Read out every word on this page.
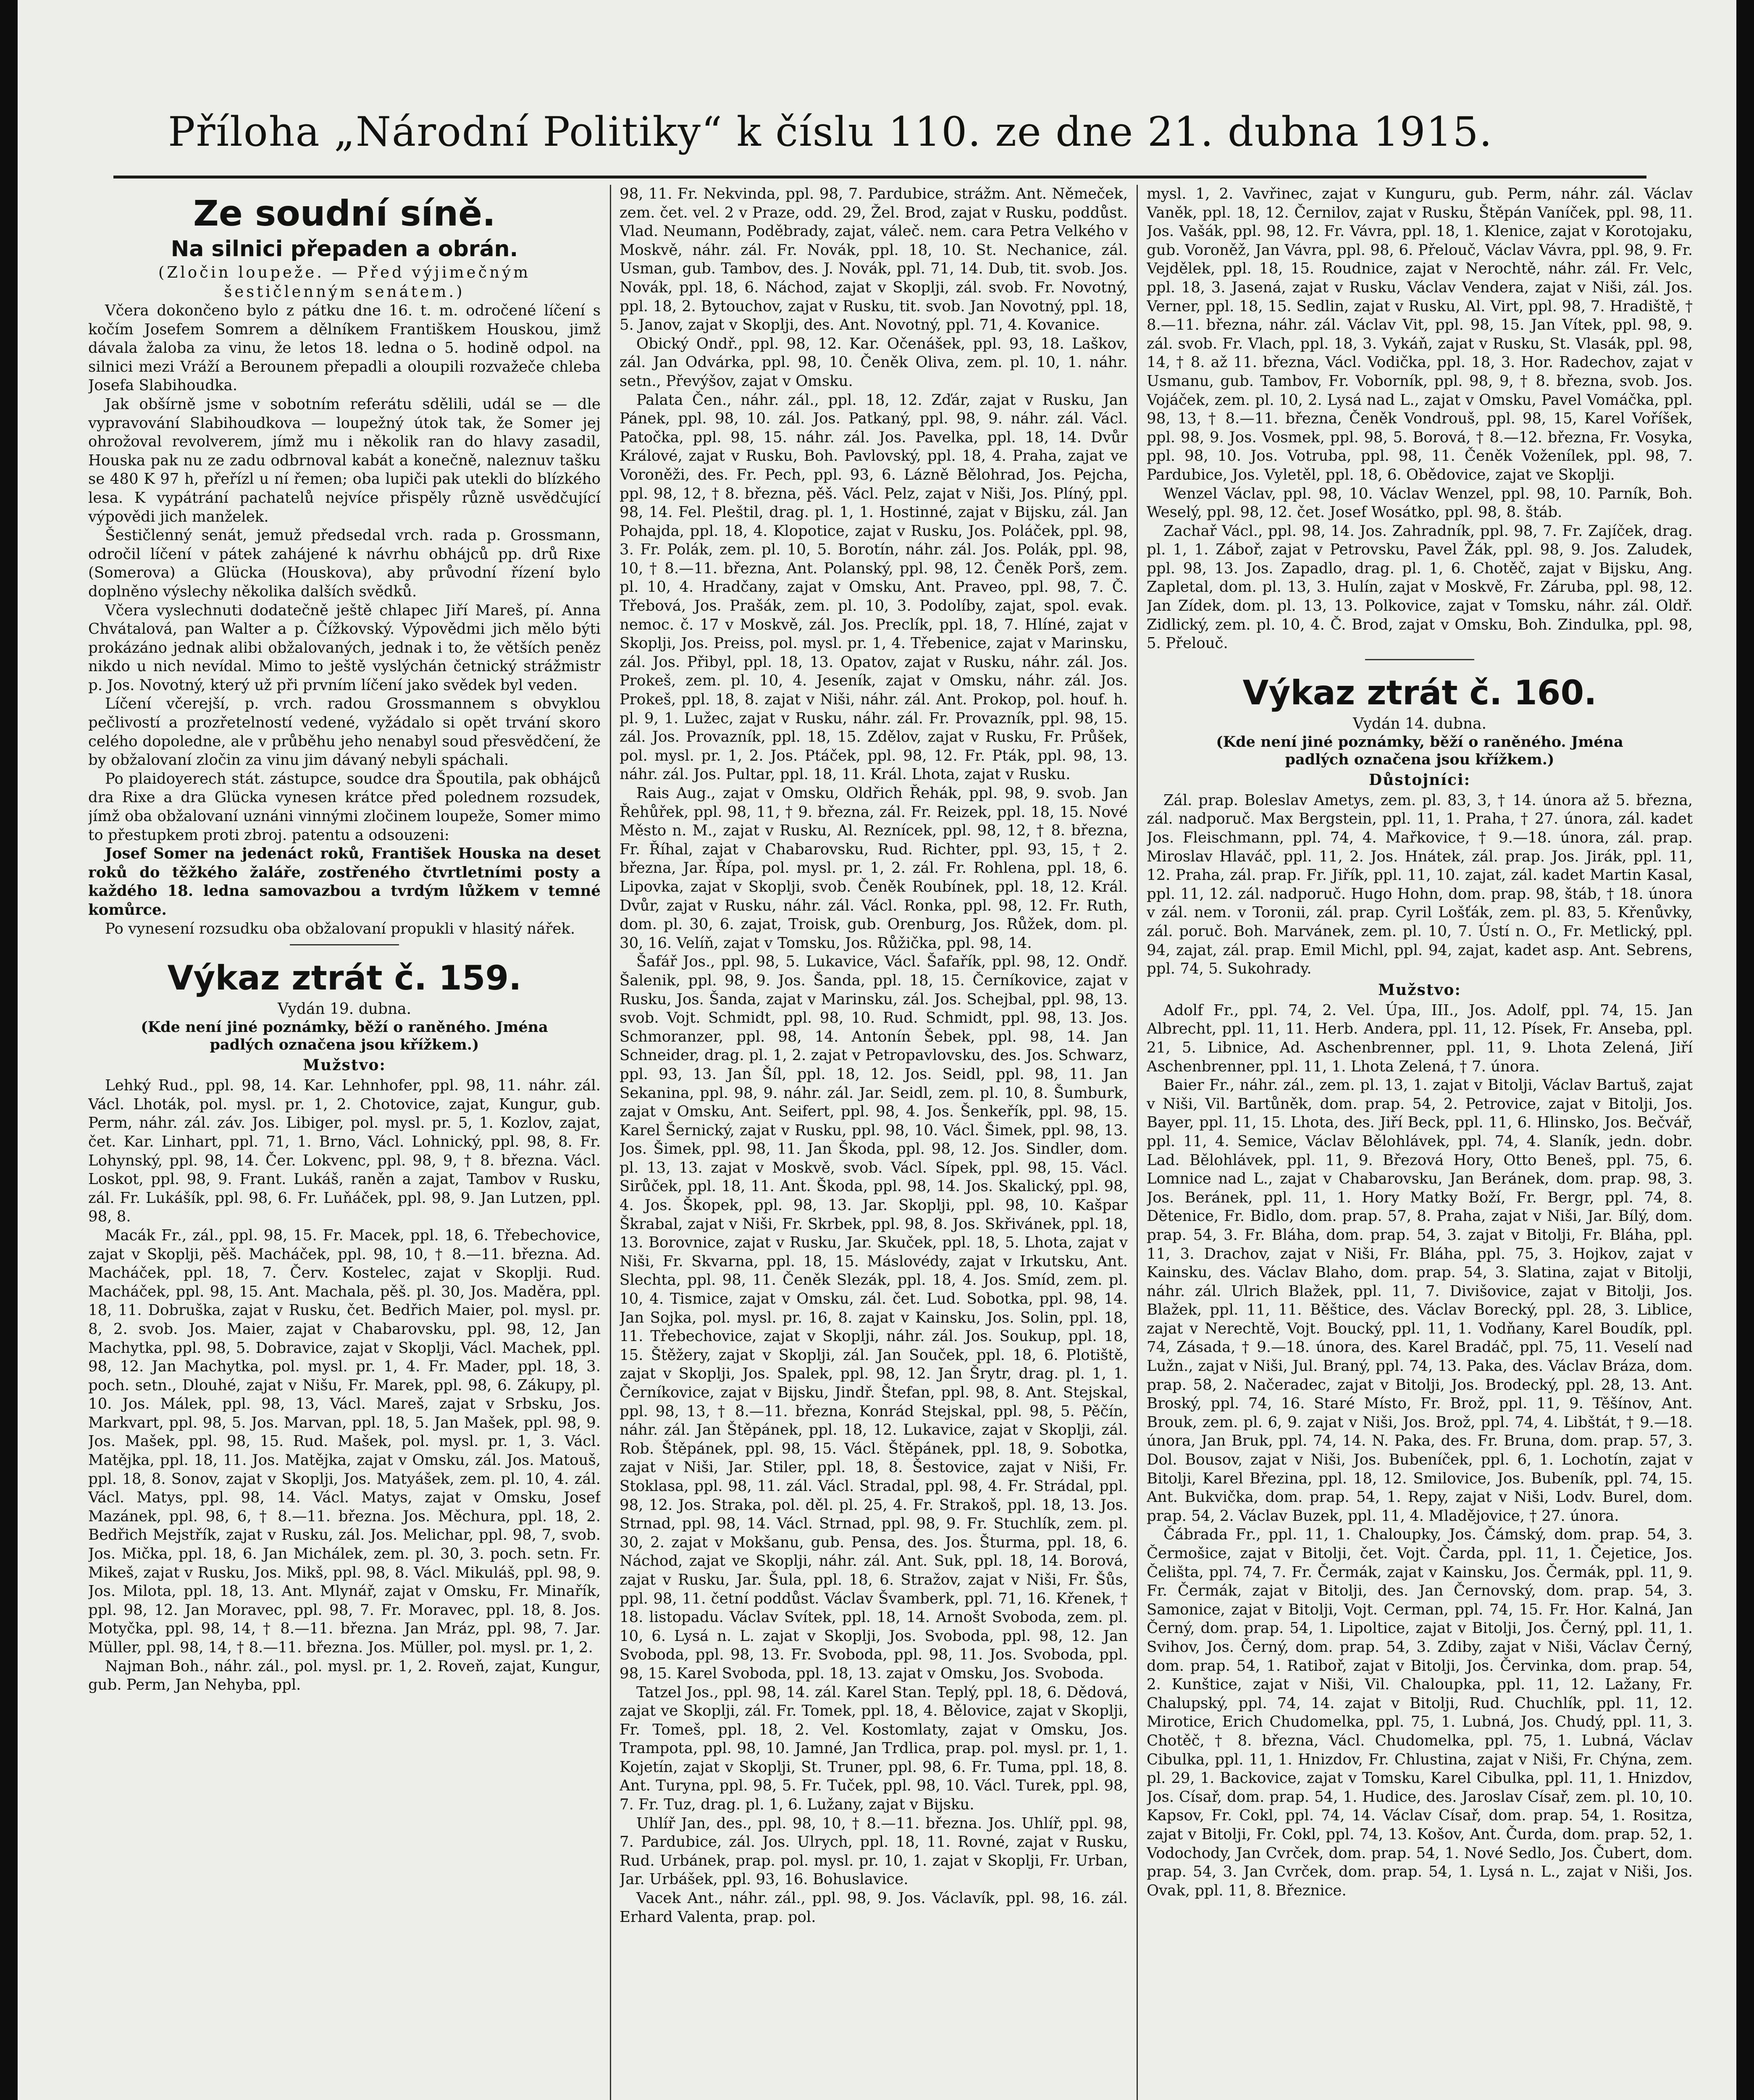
Příloha „Národní Politiky“ k číslu 110. ze dne 21. dubna 1915.
Ze soudní síně.
Na silnici přepaden a obrán.
(Zločin loupeže. — Před výjimečným
šestičlenným senátem.)

Včera dokončeno bylo z pátku dne 16. t. m. odročené líčení s kočím Josefem Somrem a dělníkem Františkem Houskou, jimž dávala žaloba za vinu, že letos 18. ledna o 5. hodině odpol. na silnici mezi Vráží a Berounem přepadli a oloupili rozvažeče chleba Josefa Slabihoudka.

Jak obšírně jsme v sobotním referátu sdělili, udál se — dle vypravování Slabihoudkova — loupežný útok tak, že Somer jej ohrožoval revolverem, jímž mu i několik ran do hlavy zasadil, Houska pak nu ze zadu odbrnoval kabát a konečně, naleznuv tašku se 480 K 97 h, přeřízl u ní řemen; oba lupiči pak utekli do blízkého lesa. K vypátrání pachatelů nejvíce přispěly různě usvědčující výpovědi jich manželek.

Šestičlenný senát, jemuž předsedal vrch. rada p. Grossmann, odročil líčení v pátek zahájené k návrhu obhájců pp. drů Rixe (Somerova) a Glücka (Houskova), aby průvodní řízení bylo doplněno výslechy několika dalších svědků.

Včera vyslechnuti dodatečně ještě chlapec Jiří Mareš, pí. Anna Chvátalová, pan Walter a p. Čížkovský. Výpovědmi jich mělo býti prokázáno jednak alibi obžalovaných, jednak i to, že větších peněz nikdo u nich nevídal. Mimo to ještě vyslýchán četnický strážmistr p. Jos. Novotný, který už při prvním líčení jako svědek byl veden.

Líčení včerejší, p. vrch. radou Grossmannem s obvyklou pečlivostí a prozřetelností vedené, vyžádalo si opět trvání skoro celého dopoledne, ale v průběhu jeho nenabyl soud přesvědčení, že by obžalovaní zločin za vinu jim dávaný nebyli spáchali.

Po plaidoyerech stát. zástupce, soudce dra Špoutila, pak obhájců dra Rixe a dra Glücka vynesen krátce před polednem rozsudek, jímž oba obžalovaní uznáni vinnými zločinem loupeže, Somer mimo to přestupkem proti zbroj. patentu a odsouzeni:

Josef Somer na jedenáct roků, František Houska na deset roků do těžkého žaláře, zostřeného čtvrtletními posty a každého 18. ledna samovazbou a tvrdým lůžkem v temné komůrce.

Po vynesení rozsudku oba obžalovaní propukli v hlasitý nářek.

Výkaz ztrát č. 159.
Vydán 19. dubna.
(Kde není jiné poznámky, běží o raněného. Jména
padlých označena jsou křížkem.)
Mužstvo:

Lehký Rud., ppl. 98, 14. Kar. Lehnhofer, ppl. 98, 11. náhr. zál. Václ. Lhoták, pol. mysl. pr. 1, 2. Chotovice, zajat, Kungur, gub. Perm, náhr. zál. záv. Jos. Libiger, pol. mysl. pr. 5, 1. Kozlov, zajat, čet. Kar. Linhart, ppl. 71, 1. Brno, Václ. Lohnický, ppl. 98, 8. Fr. Lohynský, ppl. 98, 14. Čer. Lokvenc, ppl. 98, 9, † 8. března. Václ. Loskot, ppl. 98, 9. Frant. Lukáš, raněn a zajat, Tambov v Rusku, zál. Fr. Lukášík, ppl. 98, 6. Fr. Luňáček, ppl. 98, 9. Jan Lutzen, ppl. 98, 8.

Macák Fr., zál., ppl. 98, 15. Fr. Macek, ppl. 18, 6. Třebechovice, zajat v Skoplji, pěš. Macháček, ppl. 98, 10, † 8.—11. března. Ad. Macháček, ppl. 18, 7. Červ. Kostelec, zajat v Skoplji. Rud. Macháček, ppl. 98, 15. Ant. Machala, pěš. pl. 30, Jos. Maděra, ppl. 18, 11. Dobruška, zajat v Rusku, čet. Bedřich Maier, pol. mysl. pr. 8, 2. svob. Jos. Maier, zajat v Chabarovsku, ppl. 98, 12, Jan Machytka, ppl. 98, 5. Dobravice, zajat v Skoplji, Václ. Machek, ppl. 98, 12. Jan Machytka, pol. mysl. pr. 1, 4. Fr. Mader, ppl. 18, 3. poch. setn., Dlouhé, zajat v Nišu, Fr. Marek, ppl. 98, 6. Zákupy, pl. 10. Jos. Málek, ppl. 98, 13, Václ. Mareš, zajat v Srbsku, Jos. Markvart, ppl. 98, 5. Jos. Marvan, ppl. 18, 5. Jan Mašek, ppl. 98, 9. Jos. Mašek, ppl. 98, 15. Rud. Mašek, pol. mysl. pr. 1, 3. Václ. Matějka, ppl. 18, 11. Jos. Matějka, zajat v Omsku, zál. Jos. Matouš, ppl. 18, 8. Sonov, zajat v Skoplji, Jos. Matyášek, zem. pl. 10, 4. zál. Václ. Matys, ppl. 98, 14. Václ. Matys, zajat v Omsku, Josef Mazánek, ppl. 98, 6, † 8.—11. března. Jos. Měchura, ppl. 18, 2. Bedřich Mejstřík, zajat v Rusku, zál. Jos. Melichar, ppl. 98, 7, svob. Jos. Mička, ppl. 18, 6. Jan Michálek, zem. pl. 30, 3. poch. setn. Fr. Mikeš, zajat v Rusku, Jos. Mikš, ppl. 98, 8. Václ. Mikuláš, ppl. 98, 9. Jos. Milota, ppl. 18, 13. Ant. Mlynář, zajat v Omsku, Fr. Minařík, ppl. 98, 12. Jan Moravec, ppl. 98, 7. Fr. Moravec, ppl. 18, 8. Jos. Motyčka, ppl. 98, 14, † 8.—11. března. Jan Mráz, ppl. 98, 7. Jar. Müller, ppl. 98, 14, † 8.—11. března. Jos. Müller, pol. mysl. pr. 1, 2.

Najman Boh., náhr. zál., pol. mysl. pr. 1, 2. Roveň, zajat, Kungur, gub. Perm, Jan Nehyba, ppl.

98, 11. Fr. Nekvinda, ppl. 98, 7. Pardubice, strážm. Ant. Němeček, zem. čet. vel. 2 v Praze, odd. 29, Žel. Brod, zajat v Rusku, poddůst. Vlad. Neumann, Poděbrady, zajat, váleč. nem. cara Petra Velkého v Moskvě, náhr. zál. Fr. Novák, ppl. 18, 10. St. Nechanice, zál. Usman, gub. Tambov, des. J. Novák, ppl. 71, 14. Dub, tit. svob. Jos. Novák, ppl. 18, 6. Náchod, zajat v Skoplji, zál. svob. Fr. Novotný, ppl. 18, 2. Bytouchov, zajat v Rusku, tit. svob. Jan Novotný, ppl. 18, 5. Janov, zajat v Skoplji, des. Ant. Novotný, ppl. 71, 4. Kovanice.

Obický Ondř., ppl. 98, 12. Kar. Očenášek, ppl. 93, 18. Laškov, zál. Jan Odvárka, ppl. 98, 10. Čeněk Oliva, zem. pl. 10, 1. náhr. setn., Převýšov, zajat v Omsku.

Palata Čen., náhr. zál., ppl. 18, 12. Zďár, zajat v Rusku, Jan Pánek, ppl. 98, 10. zál. Jos. Patkaný, ppl. 98, 9. náhr. zál. Václ. Patočka, ppl. 98, 15. náhr. zál. Jos. Pavelka, ppl. 18, 14. Dvůr Králové, zajat v Rusku, Boh. Pavlovský, ppl. 18, 4. Praha, zajat ve Voroněži, des. Fr. Pech, ppl. 93, 6. Lázně Bělohrad, Jos. Pejcha, ppl. 98, 12, † 8. března, pěš. Václ. Pelz, zajat v Niši, Jos. Plíný, ppl. 98, 14. Fel. Pleštil, drag. pl. 1, 1. Hostinné, zajat v Bijsku, zál. Jan Pohajda, ppl. 18, 4. Klopotice, zajat v Rusku, Jos. Poláček, ppl. 98, 3. Fr. Polák, zem. pl. 10, 5. Borotín, náhr. zál. Jos. Polák, ppl. 98, 10, † 8.—11. března, Ant. Polanský, ppl. 98, 12. Čeněk Porš, zem. pl. 10, 4. Hradčany, zajat v Omsku, Ant. Praveo, ppl. 98, 7. Č. Třebová, Jos. Prašák, zem. pl. 10, 3. Podolíby, zajat, spol. evak. nemoc. č. 17 v Moskvě, zál. Jos. Preclík, ppl. 18, 7. Hlíné, zajat v Skoplji, Jos. Preiss, pol. mysl. pr. 1, 4. Třebenice, zajat v Marinsku, zál. Jos. Přibyl, ppl. 18, 13. Opatov, zajat v Rusku, náhr. zál. Jos. Prokeš, zem. pl. 10, 4. Jeseník, zajat v Omsku, náhr. zál. Jos. Prokeš, ppl. 18, 8. zajat v Niši, náhr. zál. Ant. Prokop, pol. houf. h. pl. 9, 1. Lužec, zajat v Rusku, náhr. zál. Fr. Provazník, ppl. 98, 15. zál. Jos. Provazník, ppl. 18, 15. Zdělov, zajat v Rusku, Fr. Průšek, pol. mysl. pr. 1, 2. Jos. Ptáček, ppl. 98, 12. Fr. Pták, ppl. 98, 13. náhr. zál. Jos. Pultar, ppl. 18, 11. Král. Lhota, zajat v Rusku.

Rais Aug., zajat v Omsku, Oldřich Řehák, ppl. 98, 9. svob. Jan Řehůřek, ppl. 98, 11, † 9. března, zál. Fr. Reizek, ppl. 18, 15. Nové Město n. M., zajat v Rusku, Al. Reznícek, ppl. 98, 12, † 8. března, Fr. Říhal, zajat v Chabarovsku, Rud. Richter, ppl. 93, 15, † 2. března, Jar. Řípa, pol. mysl. pr. 1, 2. zál. Fr. Rohlena, ppl. 18, 6. Lipovka, zajat v Skoplji, svob. Čeněk Roubínek, ppl. 18, 12. Král. Dvůr, zajat v Rusku, náhr. zál. Václ. Ronka, ppl. 98, 12. Fr. Ruth, dom. pl. 30, 6. zajat, Troisk, gub. Orenburg, Jos. Růžek, dom. pl. 30, 16. Velíň, zajat v Tomsku, Jos. Růžička, ppl. 98, 14.

Šafář Jos., ppl. 98, 5. Lukavice, Václ. Šafařík, ppl. 98, 12. Ondř. Šalenik, ppl. 98, 9. Jos. Šanda, ppl. 18, 15. Černíkovice, zajat v Rusku, Jos. Šanda, zajat v Marinsku, zál. Jos. Schejbal, ppl. 98, 13. svob. Vojt. Schmidt, ppl. 98, 10. Rud. Schmidt, ppl. 98, 13. Jos. Schmoranzer, ppl. 98, 14. Antonín Šebek, ppl. 98, 14. Jan Schneider, drag. pl. 1, 2. zajat v Petropavlovsku, des. Jos. Schwarz, ppl. 93, 13. Jan Šíl, ppl. 18, 12. Jos. Seidl, ppl. 98, 11. Jan Sekanina, ppl. 98, 9. náhr. zál. Jar. Seidl, zem. pl. 10, 8. Šumburk, zajat v Omsku, Ant. Seifert, ppl. 98, 4. Jos. Šenkeřík, ppl. 98, 15. Karel Šernický, zajat v Rusku, ppl. 98, 10. Václ. Šimek, ppl. 98, 13. Jos. Šimek, ppl. 98, 11. Jan Škoda, ppl. 98, 12. Jos. Sindler, dom. pl. 13, 13. zajat v Moskvě, svob. Václ. Sípek, ppl. 98, 15. Václ. Sirůček, ppl. 18, 11. Ant. Škoda, ppl. 98, 14. Jos. Skalický, ppl. 98, 4. Jos. Škopek, ppl. 98, 13. Jar. Skoplji, ppl. 98, 10. Kašpar Škrabal, zajat v Niši, Fr. Skrbek, ppl. 98, 8. Jos. Skřivánek, ppl. 18, 13. Borovnice, zajat v Rusku, Jar. Skuček, ppl. 18, 5. Lhota, zajat v Niši, Fr. Skvarna, ppl. 18, 15. Máslovédy, zajat v Irkutsku, Ant. Slechta, ppl. 98, 11. Čeněk Slezák, ppl. 18, 4. Jos. Smíd, zem. pl. 10, 4. Tismice, zajat v Omsku, zál. čet. Lud. Sobotka, ppl. 98, 14. Jan Sojka, pol. mysl. pr. 16, 8. zajat v Kainsku, Jos. Solin, ppl. 18, 11. Třebechovice, zajat v Skoplji, náhr. zál. Jos. Soukup, ppl. 18, 15. Štěžery, zajat v Skoplji, zál. Jan Souček, ppl. 18, 6. Plotiště, zajat v Skoplji, Jos. Spalek, ppl. 98, 12. Jan Šrytr, drag. pl. 1, 1. Černíkovice, zajat v Bijsku, Jindř. Štefan, ppl. 98, 8. Ant. Stejskal, ppl. 98, 13, † 8.—11. března, Konrád Stejskal, ppl. 98, 5. Pěčín, náhr. zál. Jan Štěpánek, ppl. 18, 12. Lukavice, zajat v Skoplji, zál. Rob. Štěpánek, ppl. 98, 15. Václ. Štěpánek, ppl. 18, 9. Sobotka, zajat v Niši, Jar. Stiler, ppl. 18, 8. Šestovice, zajat v Niši, Fr. Stoklasa, ppl. 98, 11. zál. Václ. Stradal, ppl. 98, 4. Fr. Strádal, ppl. 98, 12. Jos. Straka, pol. děl. pl. 25, 4. Fr. Strakoš, ppl. 18, 13. Jos. Strnad, ppl. 98, 14. Václ. Strnad, ppl. 98, 9. Fr. Stuchlík, zem. pl. 30, 2. zajat v Mokšanu, gub. Pensa, des. Jos. Šturma, ppl. 18, 6. Náchod, zajat ve Skoplji, náhr. zál. Ant. Suk, ppl. 18, 14. Borová, zajat v Rusku, Jar. Šula, ppl. 18, 6. Stražov, zajat v Niši, Fr. Šůs, ppl. 98, 11. četní poddůst. Václav Švamberk, ppl. 71, 16. Křenek, † 18. listopadu. Václav Svítek, ppl. 18, 14. Arnošt Svoboda, zem. pl. 10, 6. Lysá n. L. zajat v Skoplji, Jos. Svoboda, ppl. 98, 12. Jan Svoboda, ppl. 98, 13. Fr. Svoboda, ppl. 98, 11. Jos. Svoboda, ppl. 98, 15. Karel Svoboda, ppl. 18, 13. zajat v Omsku, Jos. Svoboda.

Tatzel Jos., ppl. 98, 14. zál. Karel Stan. Teplý, ppl. 18, 6. Dědová, zajat ve Skoplji, zál. Fr. Tomek, ppl. 18, 4. Bělovice, zajat v Skoplji, Fr. Tomeš, ppl. 18, 2. Vel. Kostomlaty, zajat v Omsku, Jos. Trampota, ppl. 98, 10. Jamné, Jan Trdlica, prap. pol. mysl. pr. 1, 1. Kojetín, zajat v Skoplji, St. Truner, ppl. 98, 6. Fr. Tuma, ppl. 18, 8. Ant. Turyna, ppl. 98, 5. Fr. Tuček, ppl. 98, 10. Václ. Turek, ppl. 98, 7. Fr. Tuz, drag. pl. 1, 6. Lužany, zajat v Bijsku.

Uhlíř Jan, des., ppl. 98, 10, † 8.—11. března. Jos. Uhlíř, ppl. 98, 7. Pardubice, zál. Jos. Ulrych, ppl. 18, 11. Rovné, zajat v Rusku, Rud. Urbánek, prap. pol. mysl. pr. 10, 1. zajat v Skoplji, Fr. Urban, Jar. Urbášek, ppl. 93, 16. Bohuslavice.

Vacek Ant., náhr. zál., ppl. 98, 9. Jos. Václavík, ppl. 98, 16. zál. Erhard Valenta, prap. pol.

mysl. 1, 2. Vavřinec, zajat v Kunguru, gub. Perm, náhr. zál. Václav Vaněk, ppl. 18, 12. Černilov, zajat v Rusku, Štěpán Vaníček, ppl. 98, 11. Jos. Vašák, ppl. 98, 12. Fr. Vávra, ppl. 18, 1. Klenice, zajat v Korotojaku, gub. Voroněž, Jan Vávra, ppl. 98, 6. Přelouč, Václav Vávra, ppl. 98, 9. Fr. Vejdělek, ppl. 18, 15. Roudnice, zajat v Nerochtě, náhr. zál. Fr. Velc, ppl. 18, 3. Jasená, zajat v Rusku, Václav Vendera, zajat v Niši, zál. Jos. Verner, ppl. 18, 15. Sedlin, zajat v Rusku, Al. Virt, ppl. 98, 7. Hradiště, † 8.—11. března, náhr. zál. Václav Vit, ppl. 98, 15. Jan Vítek, ppl. 98, 9. zál. svob. Fr. Vlach, ppl. 18, 3. Vykáň, zajat v Rusku, St. Vlasák, ppl. 98, 14, † 8. až 11. března, Václ. Vodička, ppl. 18, 3. Hor. Radechov, zajat v Usmanu, gub. Tambov, Fr. Voborník, ppl. 98, 9, † 8. března, svob. Jos. Vojáček, zem. pl. 10, 2. Lysá nad L., zajat v Omsku, Pavel Vomáčka, ppl. 98, 13, † 8.—11. března, Čeněk Vondrouš, ppl. 98, 15, Karel Voříšek, ppl. 98, 9. Jos. Vosmek, ppl. 98, 5. Borová, † 8.—12. března, Fr. Vosyka, ppl. 98, 10. Jos. Votruba, ppl. 98, 11. Čeněk Voženílek, ppl. 98, 7. Pardubice, Jos. Vyletěl, ppl. 18, 6. Obědovice, zajat ve Skoplji.

Wenzel Václav, ppl. 98, 10. Václav Wenzel, ppl. 98, 10. Parník, Boh. Weselý, ppl. 98, 12. čet. Josef Wosátko, ppl. 98, 8. štáb.

Zachař Václ., ppl. 98, 14. Jos. Zahradník, ppl. 98, 7. Fr. Zajíček, drag. pl. 1, 1. Záboř, zajat v Petrovsku, Pavel Žák, ppl. 98, 9. Jos. Zaludek, ppl. 98, 13. Jos. Zapadlo, drag. pl. 1, 6. Chotěč, zajat v Bijsku, Ang. Zapletal, dom. pl. 13, 3. Hulín, zajat v Moskvě, Fr. Zárubа, ppl. 98, 12. Jan Zídek, dom. pl. 13, 13. Polkovice, zajat v Tomsku, náhr. zál. Oldř. Zidlický, zem. pl. 10, 4. Č. Brod, zajat v Omsku, Boh. Zindulka, ppl. 98, 5. Přelouč.

Výkaz ztrát č. 160.
Vydán 14. dubna.
(Kde není jiné poznámky, běží o raněného. Jména
padlých označena jsou křížkem.)
Důstojníci:

Zál. prap. Boleslav Ametys, zem. pl. 83, 3, † 14. února až 5. března, zál. nadporuč. Max Bergstein, ppl. 11, 1. Praha, † 27. února, zál. kadet Jos. Fleischmann, ppl. 74, 4. Mařkovice, † 9.—18. února, zál. prap. Miroslav Hlaváč, ppl. 11, 2. Jos. Hnátek, zál. prap. Jos. Jirák, ppl. 11, 12. Praha, zál. prap. Fr. Jiřík, ppl. 11, 10. zajat, zál. kadet Martin Kasal, ppl. 11, 12. zál. nadporuč. Hugo Hohn, dom. prap. 98, štáb, † 18. února v zál. nem. v Toronii, zál. prap. Cyril Lošťák, zem. pl. 83, 5. Křenůvky, zál. poruč. Boh. Marvánek, zem. pl. 10, 7. Ústí n. O., Fr. Metlický, ppl. 94, zajat, zál. prap. Emil Michl, ppl. 94, zajat, kadet asp. Ant. Sebrens, ppl. 74, 5. Sukohrady.

Mužstvo:

Adolf Fr., ppl. 74, 2. Vel. Úpa, III., Jos. Adolf, ppl. 74, 15. Jan Albrecht, ppl. 11, 11. Herb. Andera, ppl. 11, 12. Písek, Fr. Anseba, ppl. 21, 5. Libnice, Ad. Aschenbrenner, ppl. 11, 9. Lhota Zelená, Jiří Aschenbrenner, ppl. 11, 1. Lhota Zelená, † 7. února.

Baier Fr., náhr. zál., zem. pl. 13, 1. zajat v Bitolji, Václav Bartuš, zajat v Niši, Vil. Bartůněk, dom. prap. 54, 2. Petrovice, zajat v Bitolji, Jos. Bayer, ppl. 11, 15. Lhota, des. Jiří Beck, ppl. 11, 6. Hlinsko, Jos. Bečvář, ppl. 11, 4. Semice, Václav Bělohlávek, ppl. 74, 4. Slaník, jedn. dobr. Lad. Bělohlávek, ppl. 11, 9. Březová Hory, Otto Beneš, ppl. 75, 6. Lomnice nad L., zajat v Chabarovsku, Jan Beránek, dom. prap. 98, 3. Jos. Beránek, ppl. 11, 1. Hory Matky Boží, Fr. Bergr, ppl. 74, 8. Dětenice, Fr. Bidlo, dom. prap. 57, 8. Praha, zajat v Niši, Jar. Bílý, dom. prap. 54, 3. Fr. Bláha, dom. prap. 54, 3. zajat v Bitolji, Fr. Bláha, ppl. 11, 3. Drachov, zajat v Niši, Fr. Bláha, ppl. 75, 3. Hojkov, zajat v Kainsku, des. Václav Blaho, dom. prap. 54, 3. Slatina, zajat v Bitolji, náhr. zál. Ulrich Blažek, ppl. 11, 7. Divišovice, zajat v Bitolji, Jos. Blažek, ppl. 11, 11. Běštice, des. Václav Borecký, ppl. 28, 3. Liblice, zajat v Nerechtě, Vojt. Boucký, ppl. 11, 1. Vodňany, Karel Boudík, ppl. 74, Zásada, † 9.—18. února, des. Karel Bradáč, ppl. 75, 11. Veselí nad Lužn., zajat v Niši, Jul. Braný, ppl. 74, 13. Paka, des. Václav Bráza, dom. prap. 58, 2. Načeradec, zajat v Bitolji, Jos. Brodecký, ppl. 28, 13. Ant. Broský, ppl. 74, 16. Staré Místo, Fr. Brož, ppl. 11, 9. Těšínov, Ant. Brouk, zem. pl. 6, 9. zajat v Niši, Jos. Brož, ppl. 74, 4. Libštát, † 9.—18. února, Jan Bruk, ppl. 74, 14. N. Paka, des. Fr. Bruna, dom. prap. 57, 3. Dol. Bousov, zajat v Niši, Jos. Bubeníček, ppl. 6, 1. Lochotín, zajat v Bitolji, Karel Březina, ppl. 18, 12. Smilovice, Jos. Bubeník, ppl. 74, 15. Ant. Bukvička, dom. prap. 54, 1. Repy, zajat v Niši, Lodv. Burel, dom. prap. 54, 2. Václav Buzek, ppl. 11, 4. Mladějovice, † 27. února.

Čábrada Fr., ppl. 11, 1. Chaloupky, Jos. Čámský, dom. prap. 54, 3. Čermošice, zajat v Bitolji, čet. Vojt. Čarda, ppl. 11, 1. Čejetice, Jos. Čelišta, ppl. 74, 7. Fr. Čermák, zajat v Kainsku, Jos. Čermák, ppl. 11, 9. Fr. Čermák, zajat v Bitolji, des. Jan Černovský, dom. prap. 54, 3. Samonice, zajat v Bitolji, Vojt. Cerman, ppl. 74, 15. Fr. Hor. Kalná, Jan Černý, dom. prap. 54, 1. Lipoltice, zajat v Bitolji, Jos. Černý, ppl. 11, 1. Svihov, Jos. Černý, dom. prap. 54, 3. Zdiby, zajat v Niši, Václav Černý, dom. prap. 54, 1. Ratiboř, zajat v Bitolji, Jos. Červinka, dom. prap. 54, 2. Kunštice, zajat v Niši, Vil. Chaloupka, ppl. 11, 12. Lažany, Fr. Chalupský, ppl. 74, 14. zajat v Bitolji, Rud. Chuchlík, ppl. 11, 12. Mirotice, Erich Chudomelka, ppl. 75, 1. Lubná, Jos. Chudý, ppl. 11, 3. Chotěč, † 8. března, Václ. Chudomelka, ppl. 75, 1. Lubná, Václav Cibulka, ppl. 11, 1. Hnizdov, Fr. Chlustina, zajat v Niši, Fr. Chýna, zem. pl. 29, 1. Backovice, zajat v Tomsku, Karel Cibulka, ppl. 11, 1. Hnizdov, Jos. Císař, dom. prap. 54, 1. Hudice, des. Jaroslav Císař, zem. pl. 10, 10. Kapsov, Fr. Cokl, ppl. 74, 14. Václav Císař, dom. prap. 54, 1. Rositza, zajat v Bitolji, Fr. Cokl, ppl. 74, 13. Košov, Ant. Čurda, dom. prap. 52, 1. Vodochody, Jan Cvrček, dom. prap. 54, 1. Nové Sedlo, Jos. Čubert, dom. prap. 54, 3. Jan Cvrček, dom. prap. 54, 1. Lysá n. L., zajat v Niši, Jos. Ovak, ppl. 11, 8. Březnice.
